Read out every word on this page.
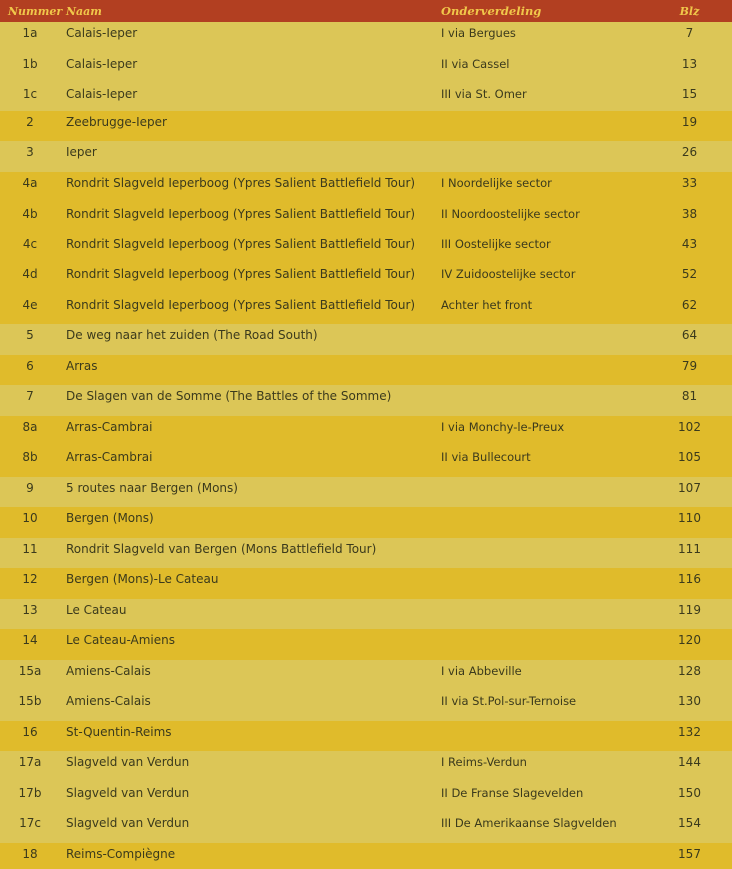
Nummer	Naam	Onderverdeling	Blz
1a	Calais-Ieper	I via Bergues	7
1b	Calais-Ieper	II via Cassel	13
1c	Calais-Ieper	III via St. Omer	15
2	Zeebrugge-Ieper		19
3	Ieper		26
4a	Rondrit Slagveld Ieperboog (Ypres Salient Battlefield Tour)	I Noordelijke sector	33
4b	Rondrit Slagveld Ieperboog (Ypres Salient Battlefield Tour)	II Noordoostelijke sector	38
4c	Rondrit Slagveld Ieperboog (Ypres Salient Battlefield Tour)	III Oostelijke sector	43
4d	Rondrit Slagveld Ieperboog (Ypres Salient Battlefield Tour)	IV Zuidoostelijke sector	52
4e	Rondrit Slagveld Ieperboog (Ypres Salient Battlefield Tour)	Achter het front	62
5	De weg naar het zuiden (The Road South)		64
6	Arras		79
7	De Slagen van de Somme (The Battles of the Somme)		81
8a	Arras-Cambrai	I via Monchy-le-Preux	102
8b	Arras-Cambrai	II via Bullecourt	105
9	5 routes naar Bergen (Mons)		107
10	Bergen (Mons)		110
11	Rondrit Slagveld van Bergen (Mons Battlefield Tour)		111
12	Bergen (Mons)-Le Cateau		116
13	Le Cateau		119
14	Le Cateau-Amiens		120
15a	Amiens-Calais	I via Abbeville	128
15b	Amiens-Calais	II via St.Pol-sur-Ternoise	130
16	St-Quentin-Reims		132
17a	Slagveld van Verdun	I Reims-Verdun	144
17b	Slagveld van Verdun	II De Franse Slagevelden	150
17c	Slagveld van Verdun	III De Amerikaanse Slagvelden	154
18	Reims-Compiègne		157
